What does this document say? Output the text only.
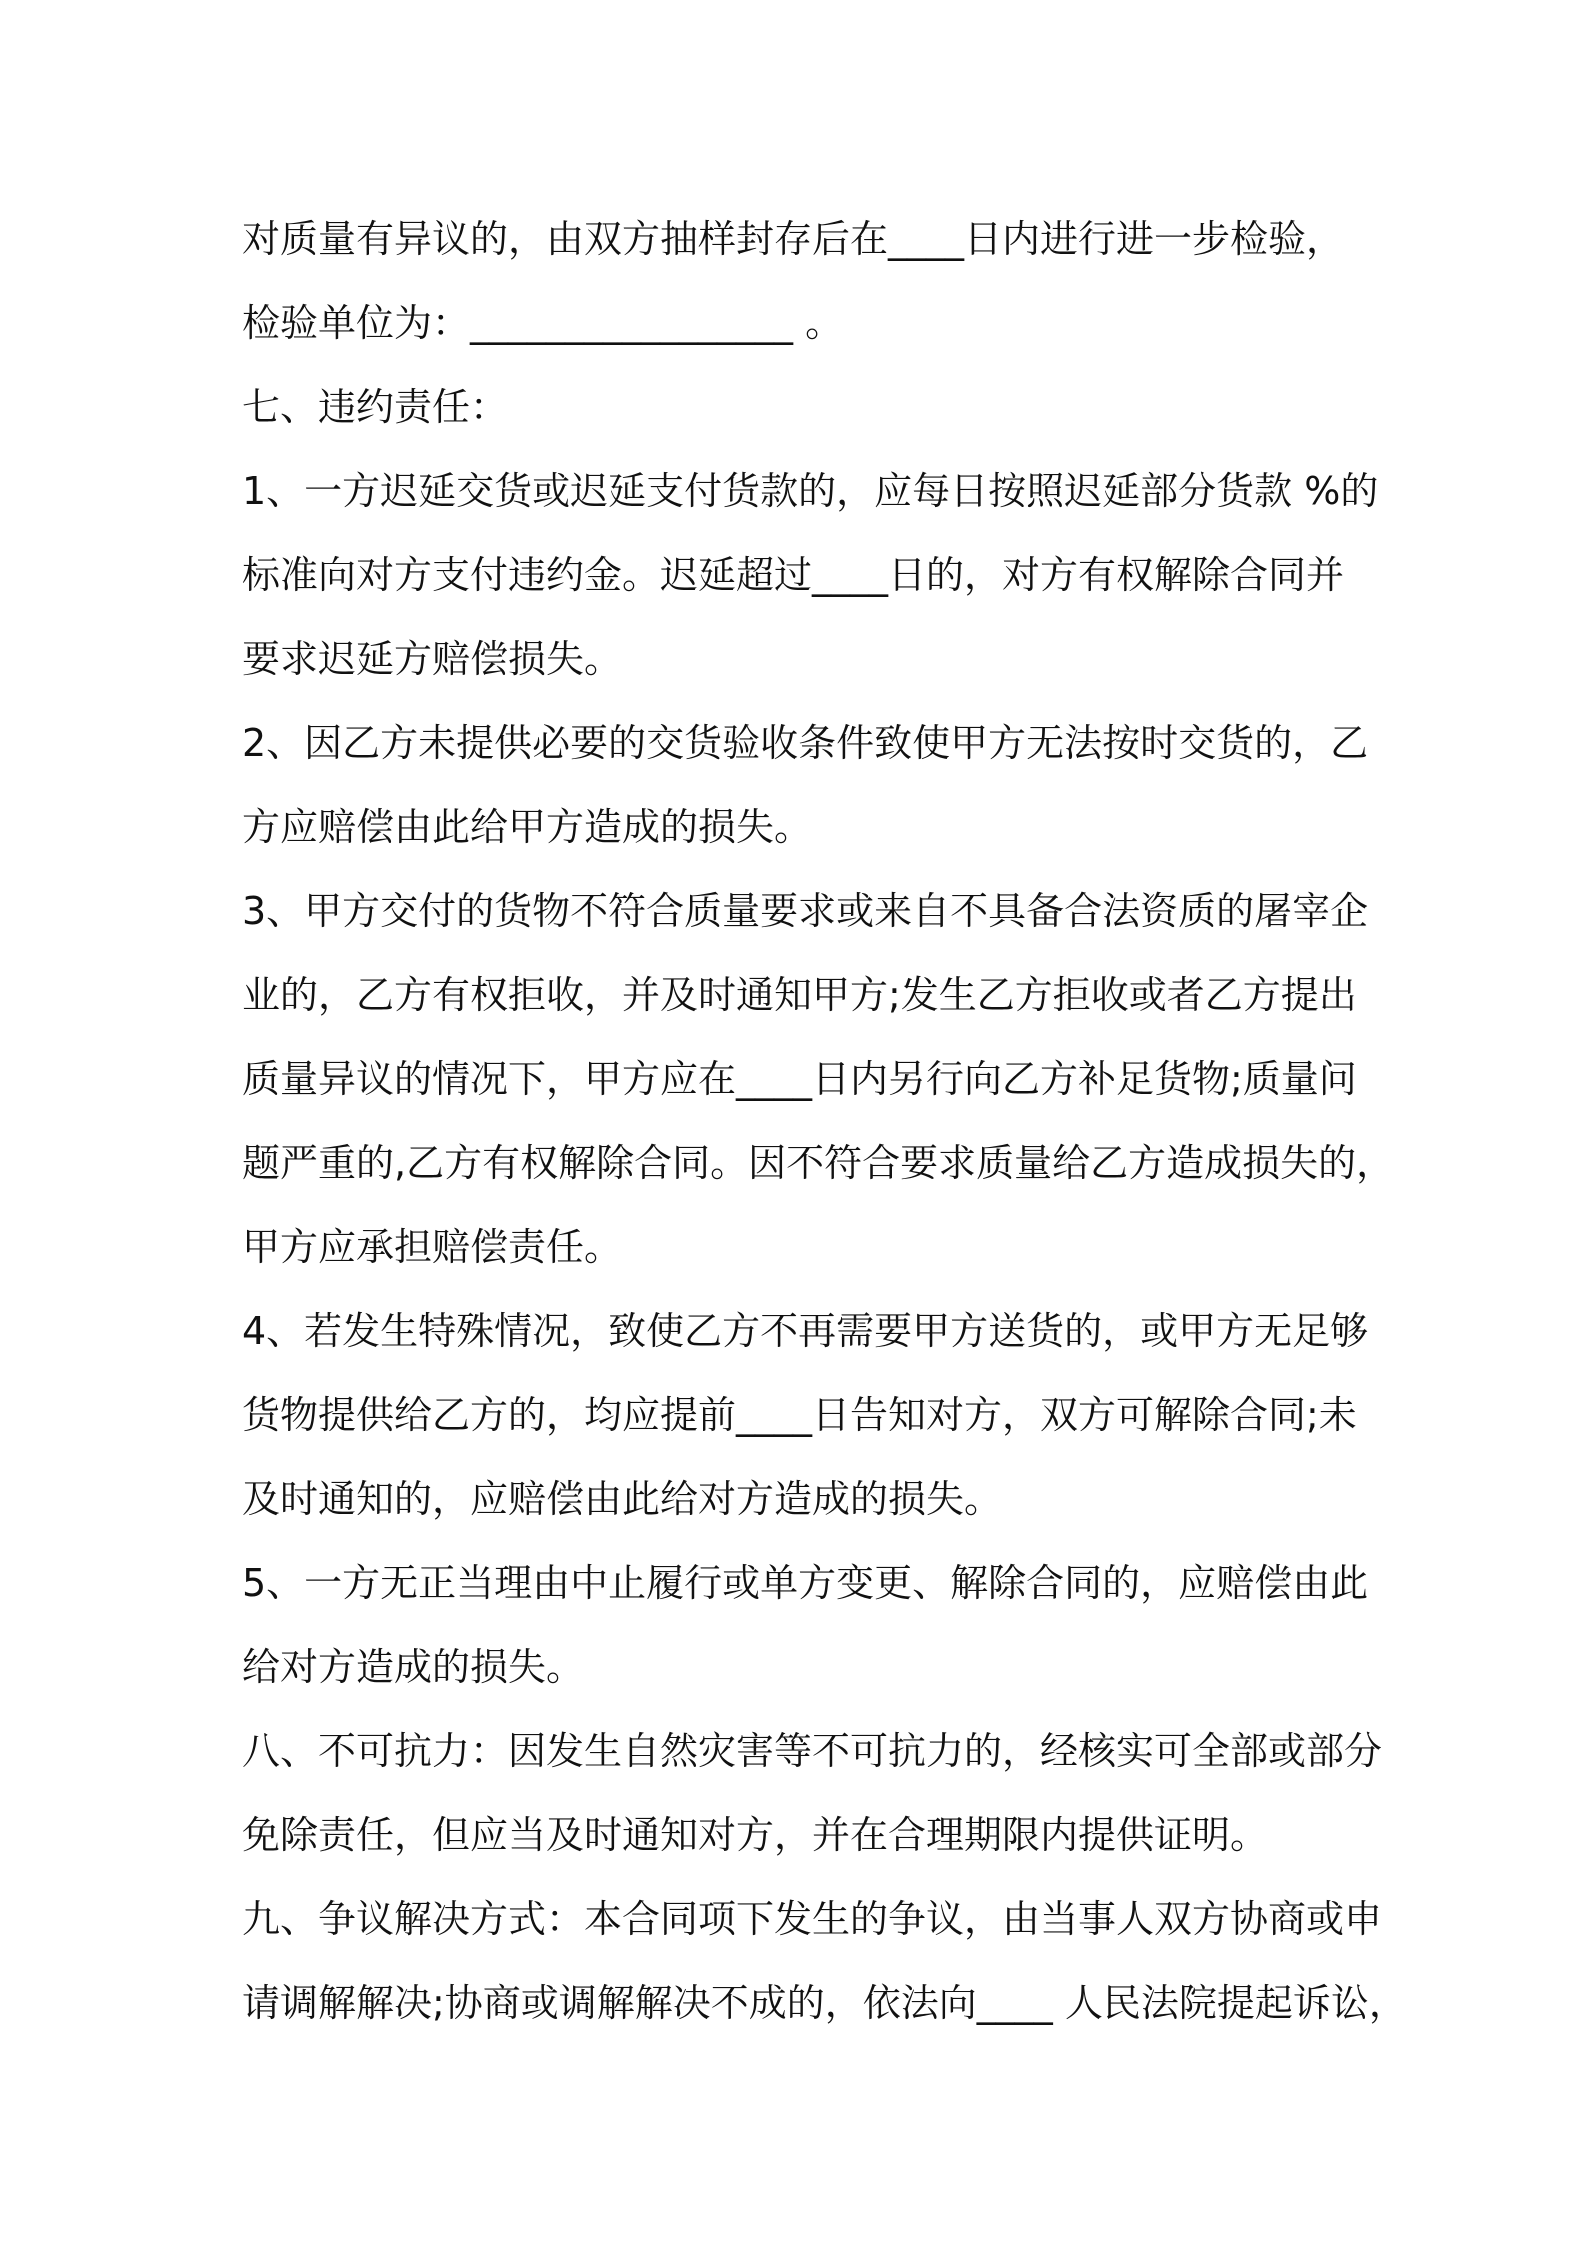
对质量有异议的，由双方抽样封存后在____日内进行进一步检验，
检验单位为：_________________ 。
七、违约责任：
1、一方迟延交货或迟延支付货款的，应每日按照迟延部分货款 %的
标准向对方支付违约金。迟延超过____日的，对方有权解除合同并
要求迟延方赔偿损失。
2、因乙方未提供必要的交货验收条件致使甲方无法按时交货的，乙
方应赔偿由此给甲方造成的损失。
3、甲方交付的货物不符合质量要求或来自不具备合法资质的屠宰企
业的，乙方有权拒收，并及时通知甲方;发生乙方拒收或者乙方提出
质量异议的情况下，甲方应在____日内另行向乙方补足货物;质量问
题严重的,乙方有权解除合同。因不符合要求质量给乙方造成损失的，
甲方应承担赔偿责任。
4、若发生特殊情况，致使乙方不再需要甲方送货的，或甲方无足够
货物提供给乙方的，均应提前____日告知对方，双方可解除合同;未
及时通知的，应赔偿由此给对方造成的损失。
5、一方无正当理由中止履行或单方变更、解除合同的，应赔偿由此
给对方造成的损失。
八、不可抗力：因发生自然灾害等不可抗力的，经核实可全部或部分
免除责任，但应当及时通知对方，并在合理期限内提供证明。
九、争议解决方式：本合同项下发生的争议，由当事人双方协商或申
请调解解决;协商或调解解决不成的，依法向____ 人民法院提起诉讼，
